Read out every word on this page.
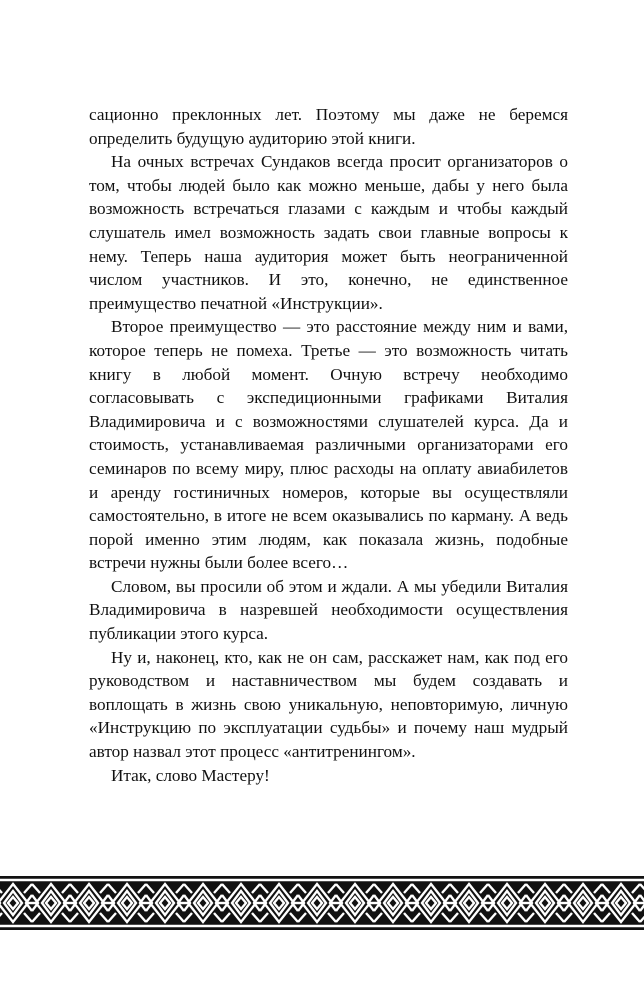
сационно преклонных лет. Поэтому мы даже не беремся определить будущую аудиторию этой книги.

На очных встречах Сундаков всегда просит организаторов о том, чтобы людей было как можно меньше, дабы у него была возможность встречаться глазами с каждым и чтобы каждый слушатель имел возможность задать свои главные вопросы к нему. Теперь наша аудитория может быть неограниченной числом участников. И это, конечно, не единственное преимущество печатной «Инструкции».

Второе преимущество — это расстояние между ним и вами, которое теперь не помеха. Третье — это возможность читать книгу в любой момент. Очную встречу необходимо согласовывать с экспедиционными графиками Виталия Владимировича и с возможностями слушателей курса. Да и стоимость, устанавливаемая различными организаторами его семинаров по всему миру, плюс расходы на оплату авиабилетов и аренду гостиничных номеров, которые вы осуществляли самостоятельно, в итоге не всем оказывались по карману. А ведь порой именно этим людям, как показала жизнь, подобные встречи нужны были более всего…

Словом, вы просили об этом и ждали. А мы убедили Виталия Владимировича в назревшей необходимости осуществления публикации этого курса.

Ну и, наконец, кто, как не он сам, расскажет нам, как под его руководством и наставничеством мы будем создавать и воплощать в жизнь свою уникальную, неповторимую, личную «Инструкцию по эксплуатации судьбы» и почему наш мудрый автор назвал этот процесс «антитренингом».

Итак, слово Мастеру!
